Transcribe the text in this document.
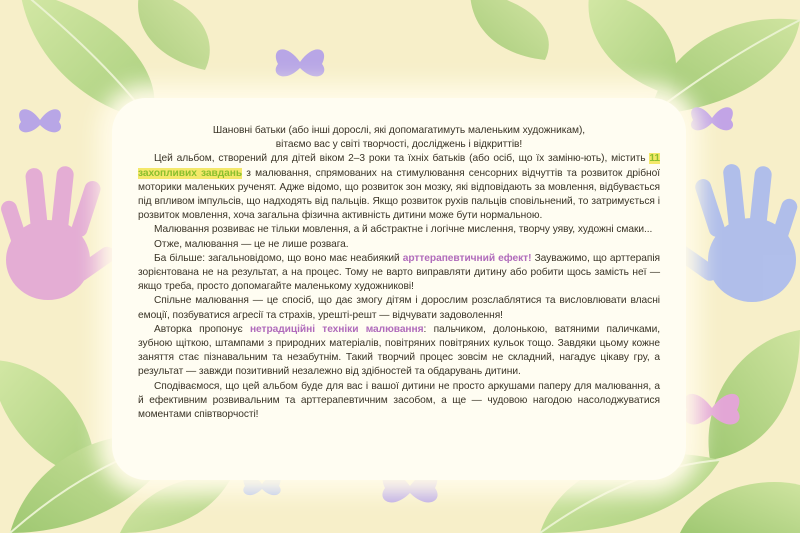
Шановні батьки (або інші дорослі, які допомагатимуть маленьким художникам),

вітаємо вас у світі творчості, досліджень і відкриттів!

Цей альбом, створений для дітей віком 2–3 роки та їхніх батьків (або осіб, що їх заміню-ють), містить 11 захопливих завдань з малювання, спрямованих на стимулювання сенсорних відчуттів та розвиток дрібної моторики маленьких рученят. Адже відомо, що розвиток зон мозку, які відповідають за мовлення, відбувається під впливом імпульсів, що надходять від пальців. Якщо розвиток рухів пальців сповільнений, то затримується і розвиток мовлення, хоча загальна фізична активність дитини може бути нормальною.

Малювання розвиває не тільки мовлення, а й абстрактне і логічне мислення, творчу уяву, художні смаки...

Отже, малювання — це не лише розвага.

Ба більше: загальновідомо, що воно має неабиякий арттерапевтичний ефект! Зауважимо, що арттерапія зорієнтована не на результат, а на процес. Тому не варто виправляти дитину або робити щось замість неї — якщо треба, просто допомагайте маленькому художникові!

Спільне малювання — це спосіб, що дає змогу дітям і дорослим розслаблятися та висловлювати власні емоції, позбуватися агресії та страхів, урешті-решт — відчувати задоволення!

Авторка пропонує нетрадиційні техніки малювання: пальчиком, долонькою, ватяними паличками, зубною щіткою, штампами з природних матеріалів, повітряних повітряних кульок тощо. Завдяки цьому кожне заняття стає пізнавальним та незабутнім. Такий творчий процес зовсім не складний, нагадує цікаву гру, а результат — завжди позитивний незалежно від здібностей та обдарувань дитини.

Сподіваємося, що цей альбом буде для вас і вашої дитини не просто аркушами паперу для малювання, а й ефективним розвивальним та арттерапевтичним засобом, а ще — чудовою нагодою насолоджуватися моментами співтворчості!
